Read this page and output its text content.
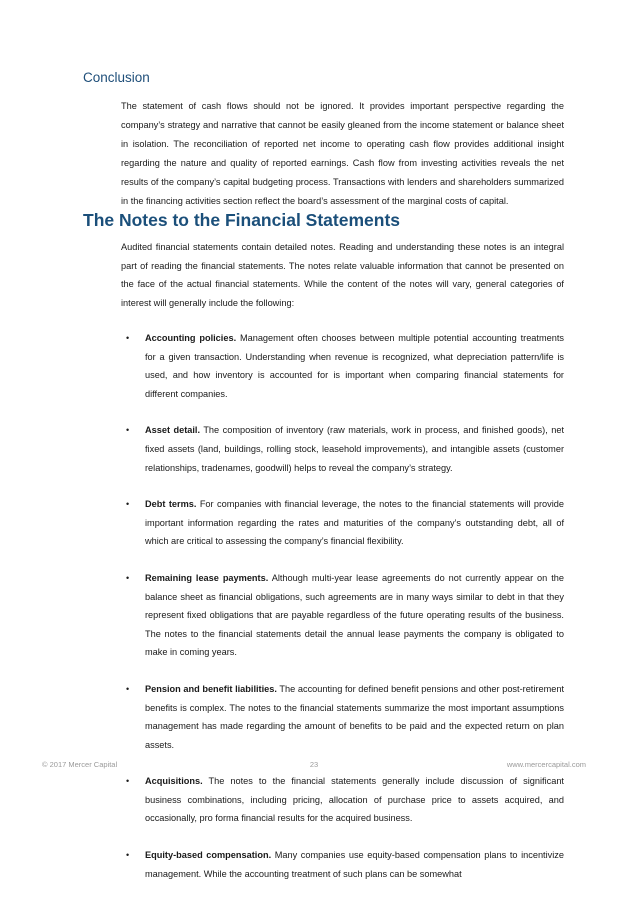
Conclusion

The statement of cash flows should not be ignored. It provides important perspective regarding the company’s strategy and narrative that cannot be easily gleaned from the income statement or balance sheet in isolation. The reconciliation of reported net income to operating cash flow provides additional insight regarding the nature and quality of reported earnings. Cash flow from investing activities reveals the net results of the company’s capital budgeting process. Transactions with lenders and shareholders summarized in the financing activities section reflect the board’s assessment of the marginal costs of capital.

The Notes to the Financial Statements

Audited financial statements contain detailed notes. Reading and understanding these notes is an integral part of reading the financial statements. The notes relate valuable information that cannot be presented on the face of the actual financial statements. While the content of the notes will vary, general categories of interest will generally include the following:

• Accounting policies. Management often chooses between multiple potential accounting treatments for a given transaction. Understanding when revenue is recognized, what depreciation pattern/life is used, and how inventory is accounted for is important when comparing financial statements for different companies.
• Asset detail. The composition of inventory (raw materials, work in process, and finished goods), net fixed assets (land, buildings, rolling stock, leasehold improvements), and intangible assets (customer relationships, tradenames, goodwill) helps to reveal the company’s strategy.
• Debt terms. For companies with financial leverage, the notes to the financial statements will provide important information regarding the rates and maturities of the company’s outstanding debt, all of which are critical to assessing the company’s financial flexibility.
• Remaining lease payments. Although multi-year lease agreements do not currently appear on the balance sheet as financial obligations, such agreements are in many ways similar to debt in that they represent fixed obligations that are payable regardless of the future operating results of the business. The notes to the financial statements detail the annual lease payments the company is obligated to make in coming years.
• Pension and benefit liabilities. The accounting for defined benefit pensions and other post-retirement benefits is complex. The notes to the financial statements summarize the most important assumptions management has made regarding the amount of benefits to be paid and the expected return on plan assets.
• Acquisitions. The notes to the financial statements generally include discussion of significant business combinations, including pricing, allocation of purchase price to assets acquired, and occasionally, pro forma financial results for the acquired business.
• Equity-based compensation. Many companies use equity-based compensation plans to incentivize management. While the accounting treatment of such plans can be somewhat
© 2017 Mercer Capital	23	www.mercercapital.com
